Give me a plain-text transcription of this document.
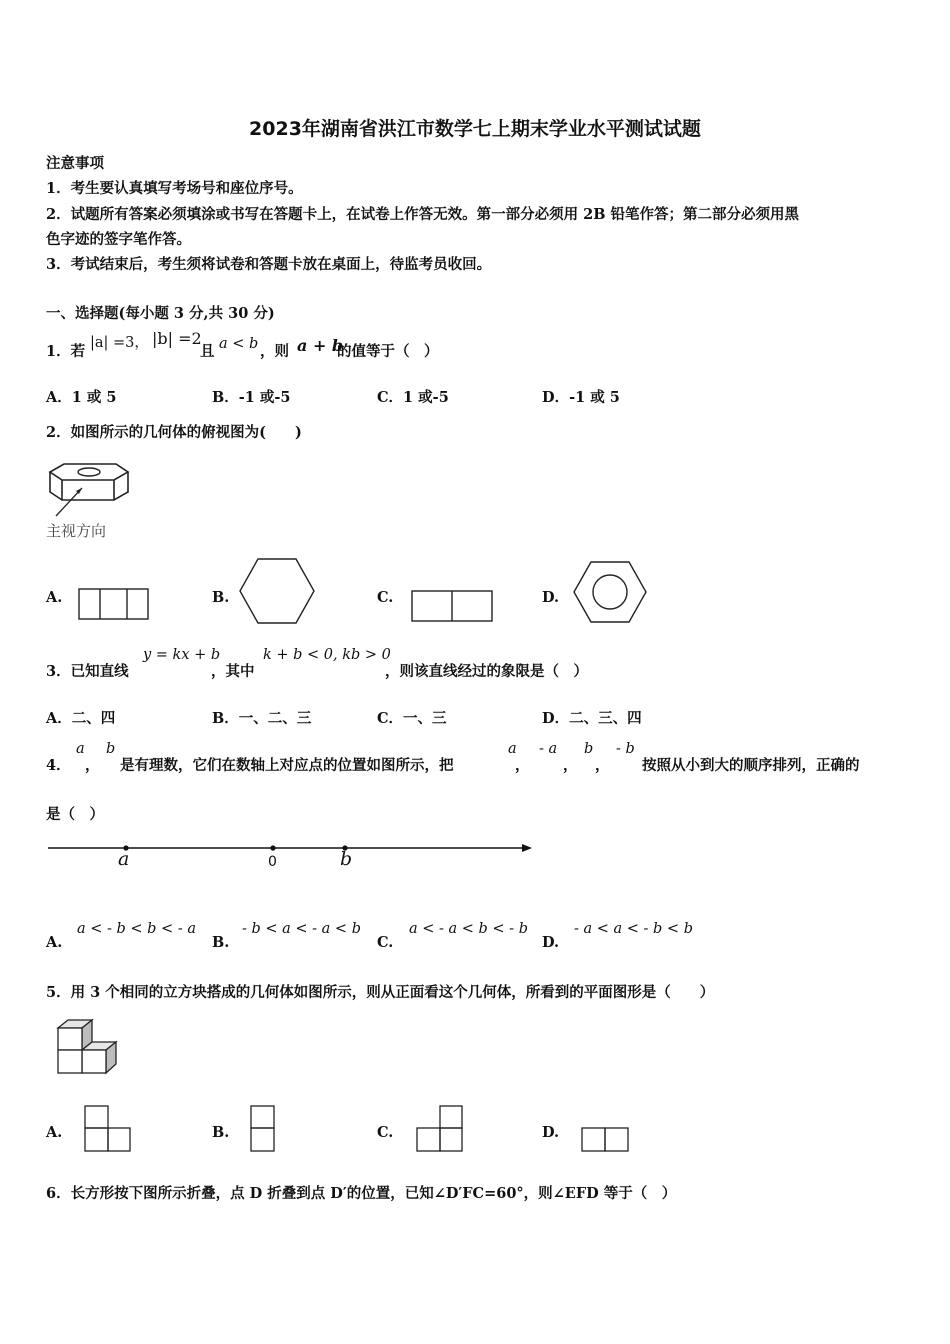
2023年湖南省洪江市数学七上期末学业水平测试试题
注意事项
1．考生要认真填写考场号和座位序号。
2．试题所有答案必须填涂或书写在答题卡上，在试卷上作答无效。第一部分必须用 2B 铅笔作答；第二部分必须用黑
色字迹的签字笔作答。
3．考试结束后，考生须将试卷和答题卡放在桌面上，待监考员收回。
一、选择题(每小题 3 分,共 30 分)
1．若 |a| =3， |b| =2
且 a < b ，则 a + b
的值等于（　）
A．1 或 5	B．-1 或-5	C．1 或-5	D．-1 或 5
2．如图所示的几何体的俯视图为(　　)
主视方向
A.	B.	C.	D.
3．已知直线
y = kx + b
，其中
k + b < 0, kb > 0
，则该直线经过的象限是（　）
A．二、四	B．一、二、三	C．一、三	D．二、三、四
4．
a
，
b
是有理数，它们在数轴上对应点的位置如图所示，把
a
，
- a
，
b
，
- b
按照从小到大的顺序排列，正确的
是（　）
a	0	b
A.
a < - b < b < - a
B.
- b < a < - a < b
C.
a < - a < b < - b
D.
- a < a < - b < b
5．用 3 个相同的立方块搭成的几何体如图所示，则从正面看这个几何体，所看到的平面图形是（　　）
A.	B.	C.	D.
6．长方形按下图所示折叠，点 D 折叠到点 D′的位置，已知∠D′FC=60°，则∠EFD 等于（　）
